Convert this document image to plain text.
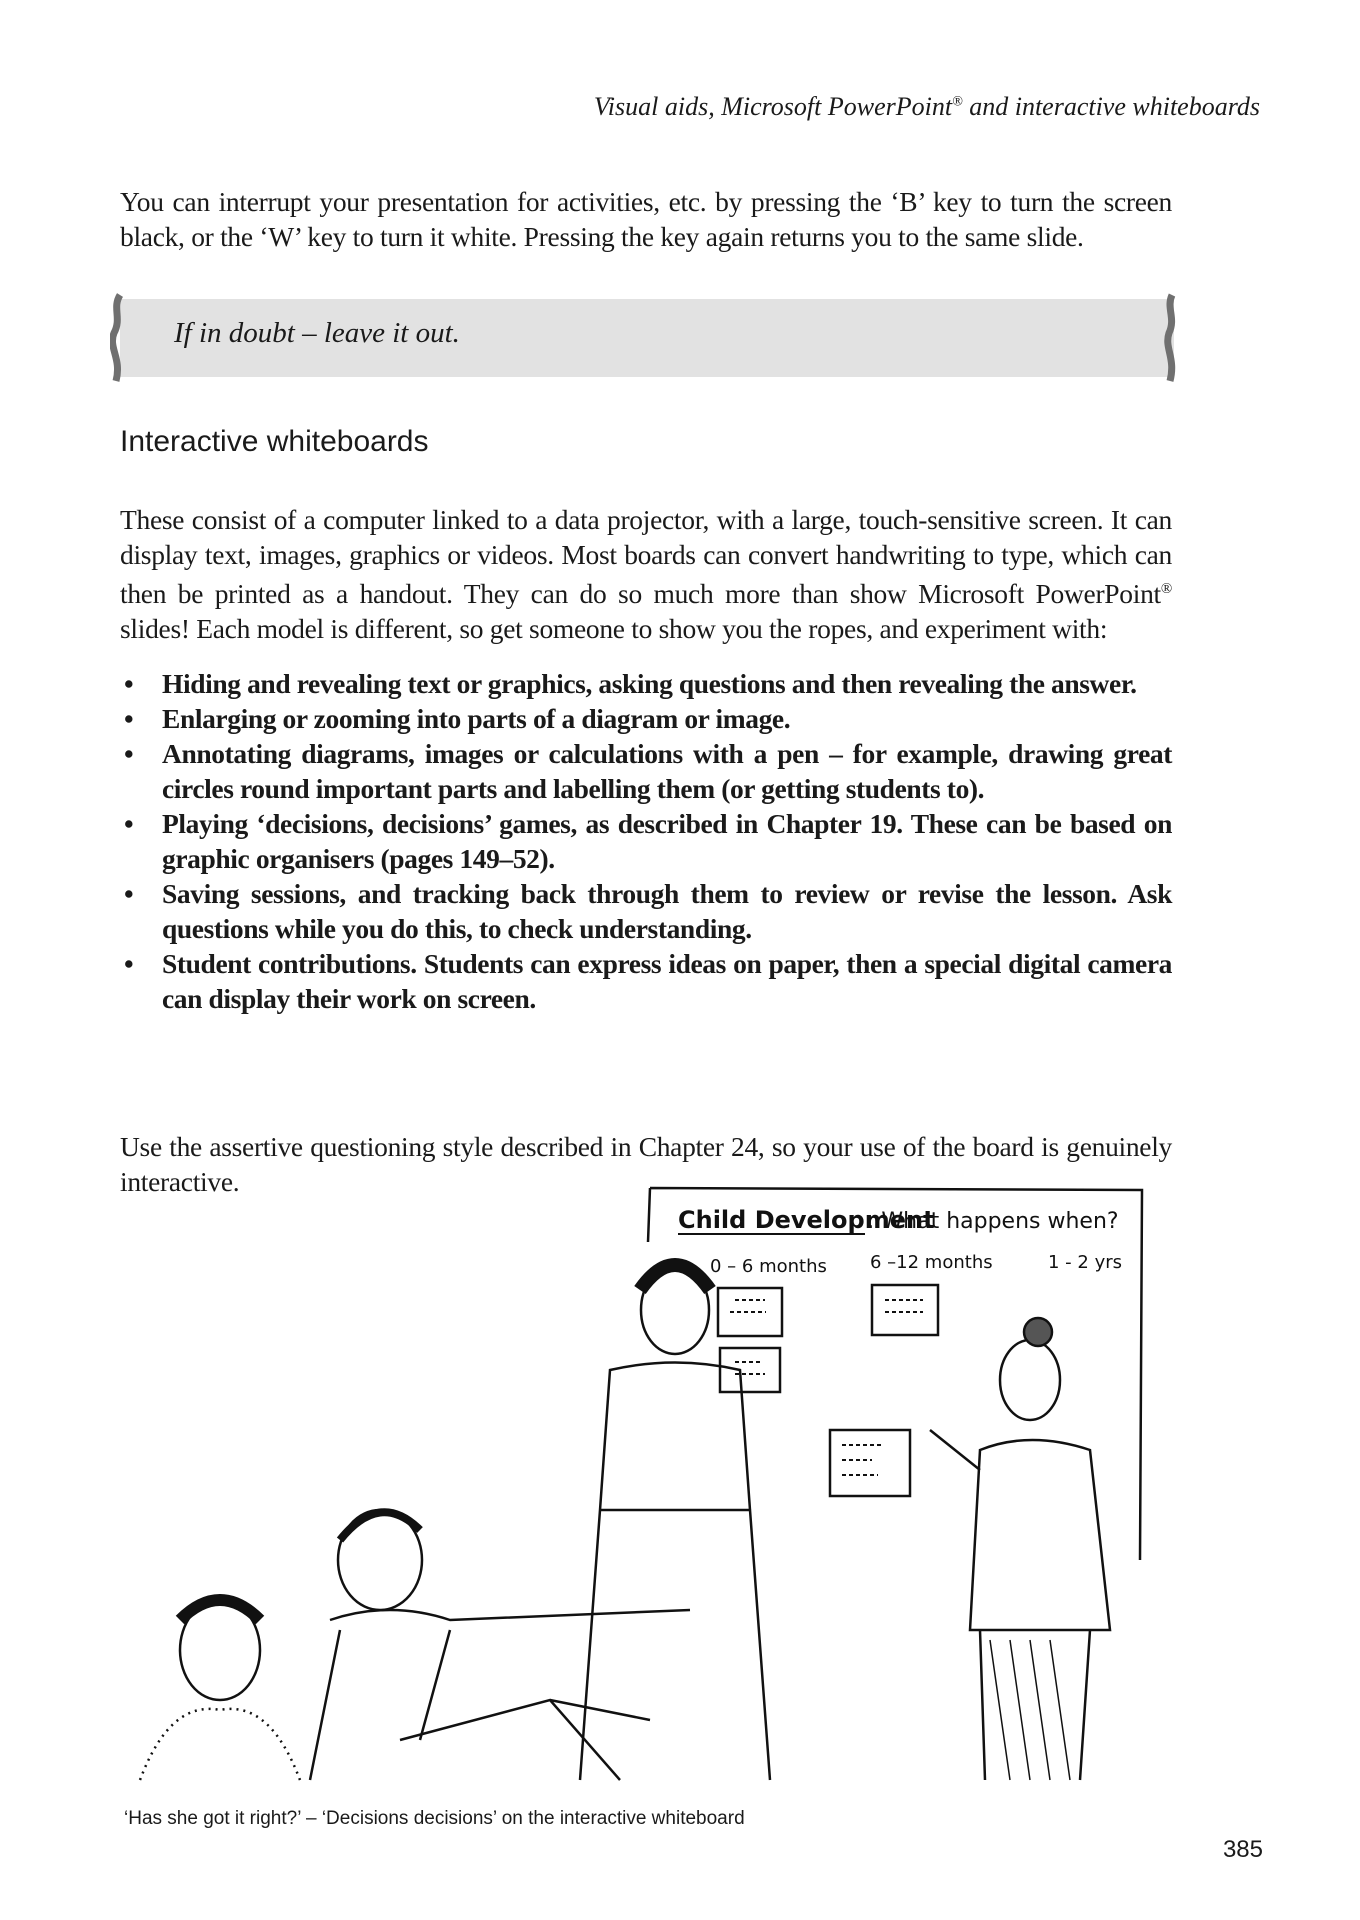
Visual aids, Microsoft PowerPoint® and interactive whiteboards

You can interrupt your presentation for activities, etc. by pressing the ‘B’ key to turn the screen black, or the ‘W’ key to turn it white. Pressing the key again returns you to the same slide.

If in doubt – leave it out.
Interactive whiteboards

These consist of a computer linked to a data projector, with a large, touch-sensitive screen. It can display text, images, graphics or videos. Most boards can convert handwriting to type, which can then be printed as a handout. They can do so much more than show Microsoft PowerPoint® slides! Each model is different, so get someone to show you the ropes, and experiment with:

• Hiding and revealing text or graphics, asking questions and then revealing the answer.
• Enlarging or zooming into parts of a diagram or image.
• Annotating diagrams, images or calculations with a pen – for example, drawing great circles round important parts and labelling them (or getting students to).
• Playing ‘decisions, decisions’ games, as described in Chapter 19. These can be based on graphic organisers (pages 149–52).
• Saving sessions, and tracking back through them to review or revise the lesson. Ask questions while you do this, to check understanding.
• Student contributions. Students can express ideas on paper, then a special digital camera can display their work on screen.

Use the assertive questioning style described in Chapter 24, so your use of the board is genuinely interactive.

Child Development
: What happens when?
0 – 6 months 6 –12 months	1 - 2 yrs
‘Has she got it right?’ – ‘Decisions decisions’ on the interactive whiteboard
385
